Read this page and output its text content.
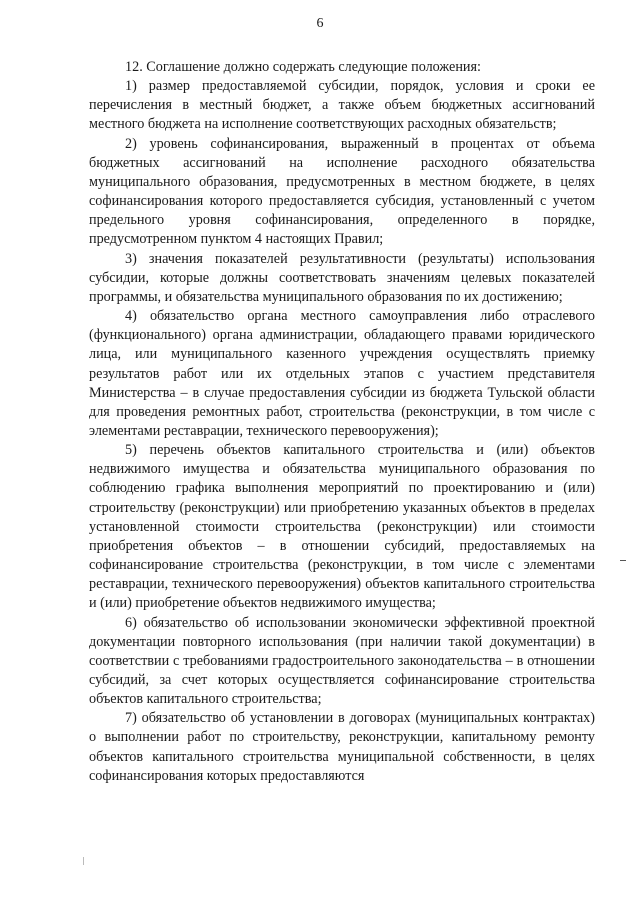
6

12. Соглашение должно содержать следующие положения:

1) размер предоставляемой субсидии, порядок, условия и сроки ее перечисления в местный бюджет, а также объем бюджетных ассигнований местного бюджета на исполнение соответствующих расходных обязательств;

2) уровень софинансирования, выраженный в процентах от объема бюджетных ассигнований на исполнение расходного обязательства муниципального образования, предусмотренных в местном бюджете, в целях софинансирования которого предоставляется субсидия, установленный с учетом предельного уровня софинансирования, определенного в порядке, предусмотренном пунктом 4 настоящих Правил;

3) значения показателей результативности (результаты) использования субсидии, которые должны соответствовать значениям целевых показателей программы, и обязательства муниципального образования по их достижению;

4) обязательство органа местного самоуправления либо отраслевого (функционального) органа администрации, обладающего правами юридического лица, или муниципального казенного учреждения осуществлять приемку результатов работ или их отдельных этапов с участием представителя Министерства – в случае предоставления субсидии из бюджета Тульской области для проведения ремонтных работ, строительства (реконструкции, в том числе с элементами реставрации, технического перевооружения);

5) перечень объектов капитального строительства и (или) объектов недвижимого имущества и обязательства муниципального образования по соблюдению графика выполнения мероприятий по проектированию и (или) строительству (реконструкции) или приобретению указанных объектов в пределах установленной стоимости строительства (реконструкции) или стоимости приобретения объектов – в отношении субсидий, предоставляемых на софинансирование строительства (реконструкции, в том числе с элементами реставрации, технического перевооружения) объектов капитального строительства и (или) приобретение объектов недвижимого имущества;

6) обязательство об использовании экономически эффективной проектной документации повторного использования (при наличии такой документации) в соответствии с требованиями градостроительного законодательства – в отношении субсидий, за счет которых осуществляется софинансирование строительства объектов капитального строительства;

7) обязательство об установлении в договорах (муниципальных контрактах) о выполнении работ по строительству, реконструкции, капитальному ремонту объектов капитального строительства муниципальной собственности, в целях софинансирования которых предоставляются
